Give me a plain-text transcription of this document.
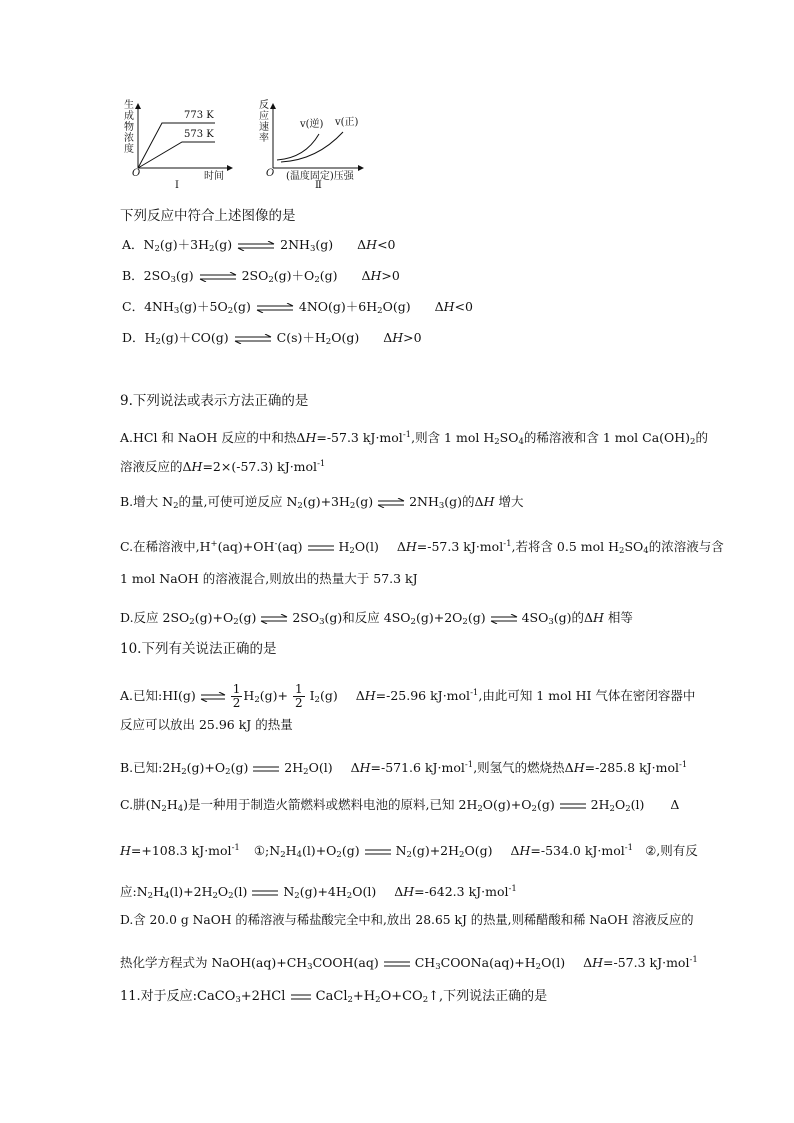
生成物浓度
773 K
573 K
O	时间
Ⅰ
反应速率
v(逆) v(正)
O (温度固定)压强
Ⅱ
下列反应中符合上述图像的是
A．$N_2(g)+3H_2(g)$ ⇌ $2NH_3(g)$ ΔH<0
B．$2SO_3(g)$ ⇌ $2SO_2(g)+O_2(g)$ ΔH>0
C．$4NH_3(g)+5O_2(g)$ ⇌ $4NO(g)+6H_2O(g)$ ΔH<0
D．$H_2(g)+CO(g)$ ⇌ $C(s)+H_2O(g)$ ΔH>0
9.下列说法或表示方法正确的是
A.HCl 和 NaOH 反应的中和热ΔH=-57.3 kJ·mol$^{-1}$,则含 1 mol $H_2SO_4$的稀溶液和含 1 mol $Ca(OH)_2$的
溶液反应的ΔH=2×(-57.3) kJ·mol$^{-1}$
B.增大 $N_2$的量,可使可逆反应 $N_2(g)+3H_2(g)$ ⇌ $2NH_3(g)$的ΔH 增大
C.在稀溶液中,H+(aq)+OH-(aq)	$H_2O(l)$ ΔH=-57.3 kJ·mol$^{-1}$,若将含 0.5 mol $H_2SO_4$的浓溶液与含
1 mol NaOH 的溶液混合,则放出的热量大于 57.3 kJ
D.反应 $2SO_2(g)+O_2(g)$ ⇌ $2SO_3(g)$和反应 $4SO_2(g)+2O_2(g)$ ⇌ $4SO_3(g)$的ΔH 相等
10.下列有关说法正确的是
A.已知:HI(g) ⇌ $\frac{1}{2} H_2(g)+ \frac{1}{2} I_2(g)$ ΔH=-25.96 kJ·mol$^{-1}$,由此可知 1 mol HI 气体在密闭容器中
反应可以放出 25.96 kJ 的热量
B.已知$:2H_2(g)+O_2(g)$	$2H_2O(l)$ ΔH=-571.6 kJ·mol$^{-1}$,则氢气的燃烧热ΔH=-285.8 kJ·mol$^{-1}$
C.肼$(N_2H_4)$是一种用于制造火箭燃料或燃料电池的原料,已知 $2H_2O(g)+O_2(g)$	$2H_2O_2(l)$ Δ
H=+108.3 kJ·mol$^{-1}$ $①;N_2H_4(l)+O_2(g)$	$N_2(g)+2H_2O(g)$ ΔH=-534.0 kJ·mol$^{-1}$ ②,则有反
应$:N_2H_4(l)+2H_2O_2(l)$	$N_2(g)+4H_2O(l)$ ΔH=-642.3 kJ·mol$^{-1}$
D.含 20.0 g NaOH 的稀溶液与稀盐酸完全中和,放出 28.65 kJ 的热量,则稀醋酸和稀 NaOH 溶液反应的
热化学方程式为 $NaOH(aq)+CH_3COOH(aq)$	$CH_3COONa(aq)+H_2O(l)$ ΔH=-57.3 kJ·mol$^{-1}$
11.对于反应:CaCO$_3$+2HCl $CaCl_2+H_2O+CO_2↑$,下列说法正确的是
